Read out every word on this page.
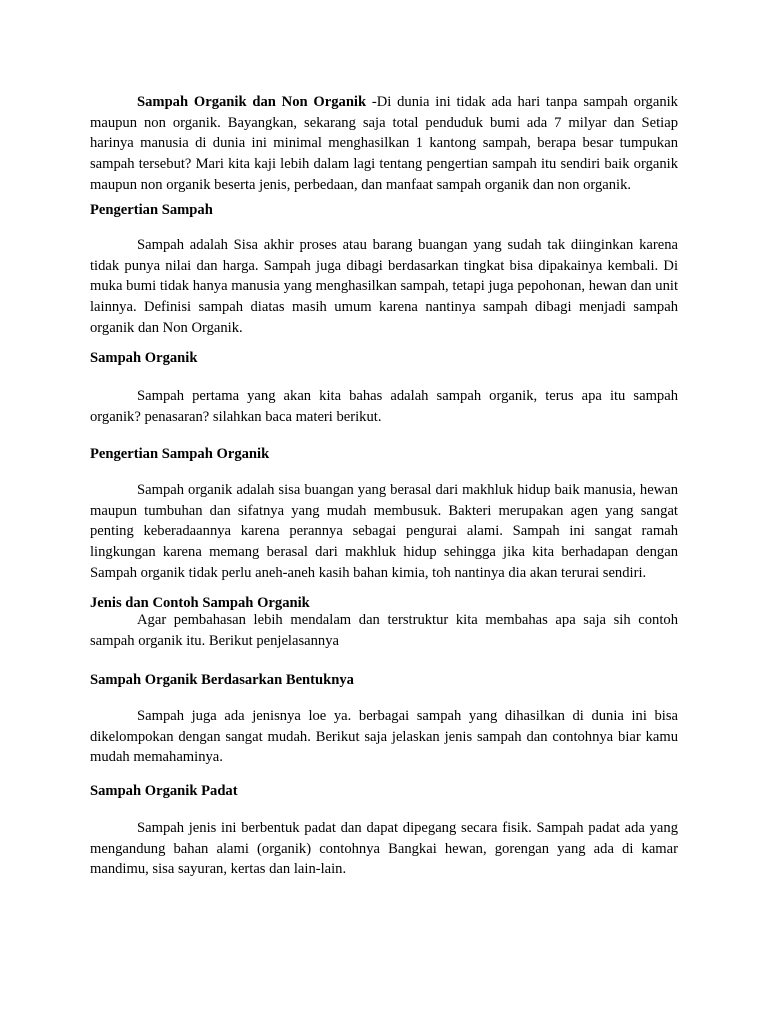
Sampah Organik dan Non Organik -Di dunia ini tidak ada hari tanpa sampah organik maupun non organik. Bayangkan, sekarang saja total penduduk bumi ada 7 milyar dan Setiap harinya manusia di dunia ini minimal menghasilkan 1 kantong sampah, berapa besar tumpukan sampah tersebut? Mari kita kaji lebih dalam lagi tentang pengertian sampah itu sendiri baik organik maupun non organik beserta jenis, perbedaan, dan manfaat sampah organik dan non organik.

Pengertian Sampah

Sampah adalah Sisa akhir proses atau barang buangan yang sudah tak diinginkan karena tidak punya nilai dan harga. Sampah juga dibagi berdasarkan tingkat bisa dipakainya kembali. Di muka bumi tidak hanya manusia yang menghasilkan sampah, tetapi juga pepohonan, hewan dan unit lainnya. Definisi sampah diatas masih umum karena nantinya sampah dibagi menjadi sampah organik dan Non Organik.

Sampah Organik

Sampah pertama yang akan kita bahas adalah sampah organik, terus apa itu sampah organik? penasaran? silahkan baca materi berikut.

Pengertian Sampah Organik

Sampah organik adalah sisa buangan yang berasal dari makhluk hidup baik manusia, hewan maupun tumbuhan dan sifatnya yang mudah membusuk. Bakteri merupakan agen yang sangat penting keberadaannya karena perannya sebagai pengurai alami. Sampah ini sangat ramah lingkungan karena memang berasal dari makhluk hidup sehingga jika kita berhadapan dengan Sampah organik tidak perlu aneh-aneh kasih bahan kimia, toh nantinya dia akan terurai sendiri.

Jenis dan Contoh Sampah Organik

Agar pembahasan lebih mendalam dan terstruktur kita membahas apa saja sih contoh sampah organik itu. Berikut penjelasannya

Sampah Organik Berdasarkan Bentuknya

Sampah juga ada jenisnya loe ya. berbagai sampah yang dihasilkan di dunia ini bisa dikelompokan dengan sangat mudah. Berikut saja jelaskan jenis sampah dan contohnya biar kamu mudah memahaminya.

Sampah Organik Padat

Sampah jenis ini berbentuk padat dan dapat dipegang secara fisik. Sampah padat ada yang mengandung bahan alami (organik) contohnya Bangkai hewan, gorengan yang ada di kamar mandimu, sisa sayuran, kertas dan lain-lain.
